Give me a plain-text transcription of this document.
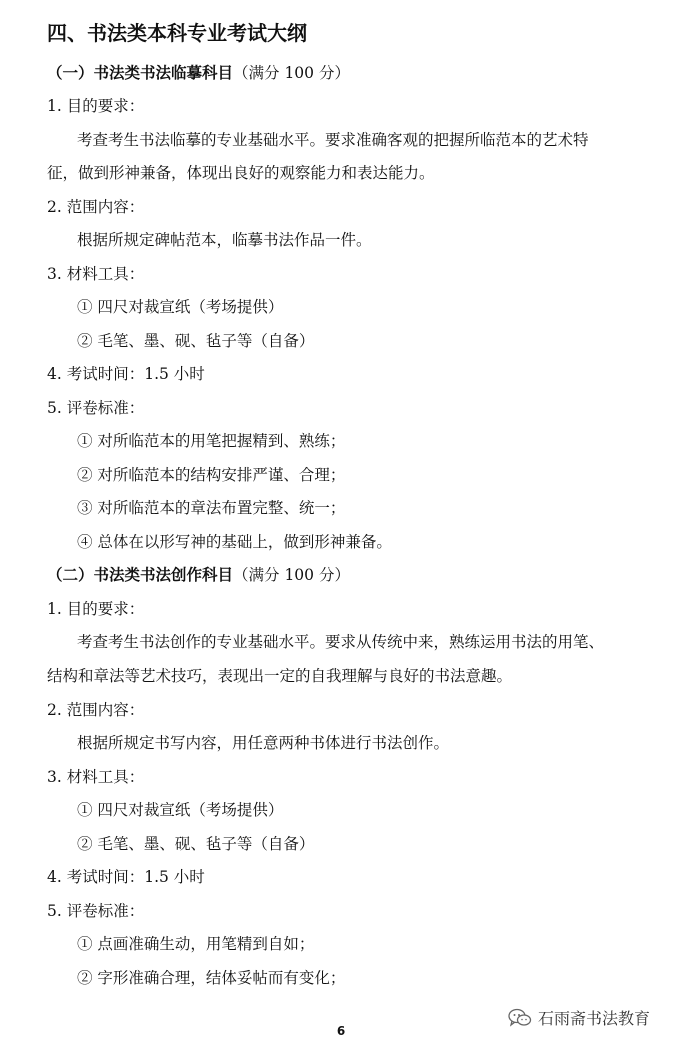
四、书法类本科专业考试大纲
（一）书法类书法临摹科目（满分 100 分）
1. 目的要求：
考查考生书法临摹的专业基础水平。要求准确客观的把握所临范本的艺术特
征，做到形神兼备，体现出良好的观察能力和表达能力。
2. 范围内容：
根据所规定碑帖范本，临摹书法作品一件。
3. 材料工具：
① 四尺对裁宣纸（考场提供）
② 毛笔、墨、砚、毡子等（自备）
4. 考试时间：1.5 小时
5. 评卷标准：
① 对所临范本的用笔把握精到、熟练；
② 对所临范本的结构安排严谨、合理；
③ 对所临范本的章法布置完整、统一；
④ 总体在以形写神的基础上，做到形神兼备。
（二）书法类书法创作科目（满分 100 分）
1. 目的要求：
考查考生书法创作的专业基础水平。要求从传统中来，熟练运用书法的用笔、
结构和章法等艺术技巧，表现出一定的自我理解与良好的书法意趣。
2. 范围内容：
根据所规定书写内容，用任意两种书体进行书法创作。
3. 材料工具：
① 四尺对裁宣纸（考场提供）
② 毛笔、墨、砚、毡子等（自备）
4. 考试时间：1.5 小时
5. 评卷标准：
① 点画准确生动，用笔精到自如；
② 字形准确合理，结体妥帖而有变化；
石雨斋书法教育
6
